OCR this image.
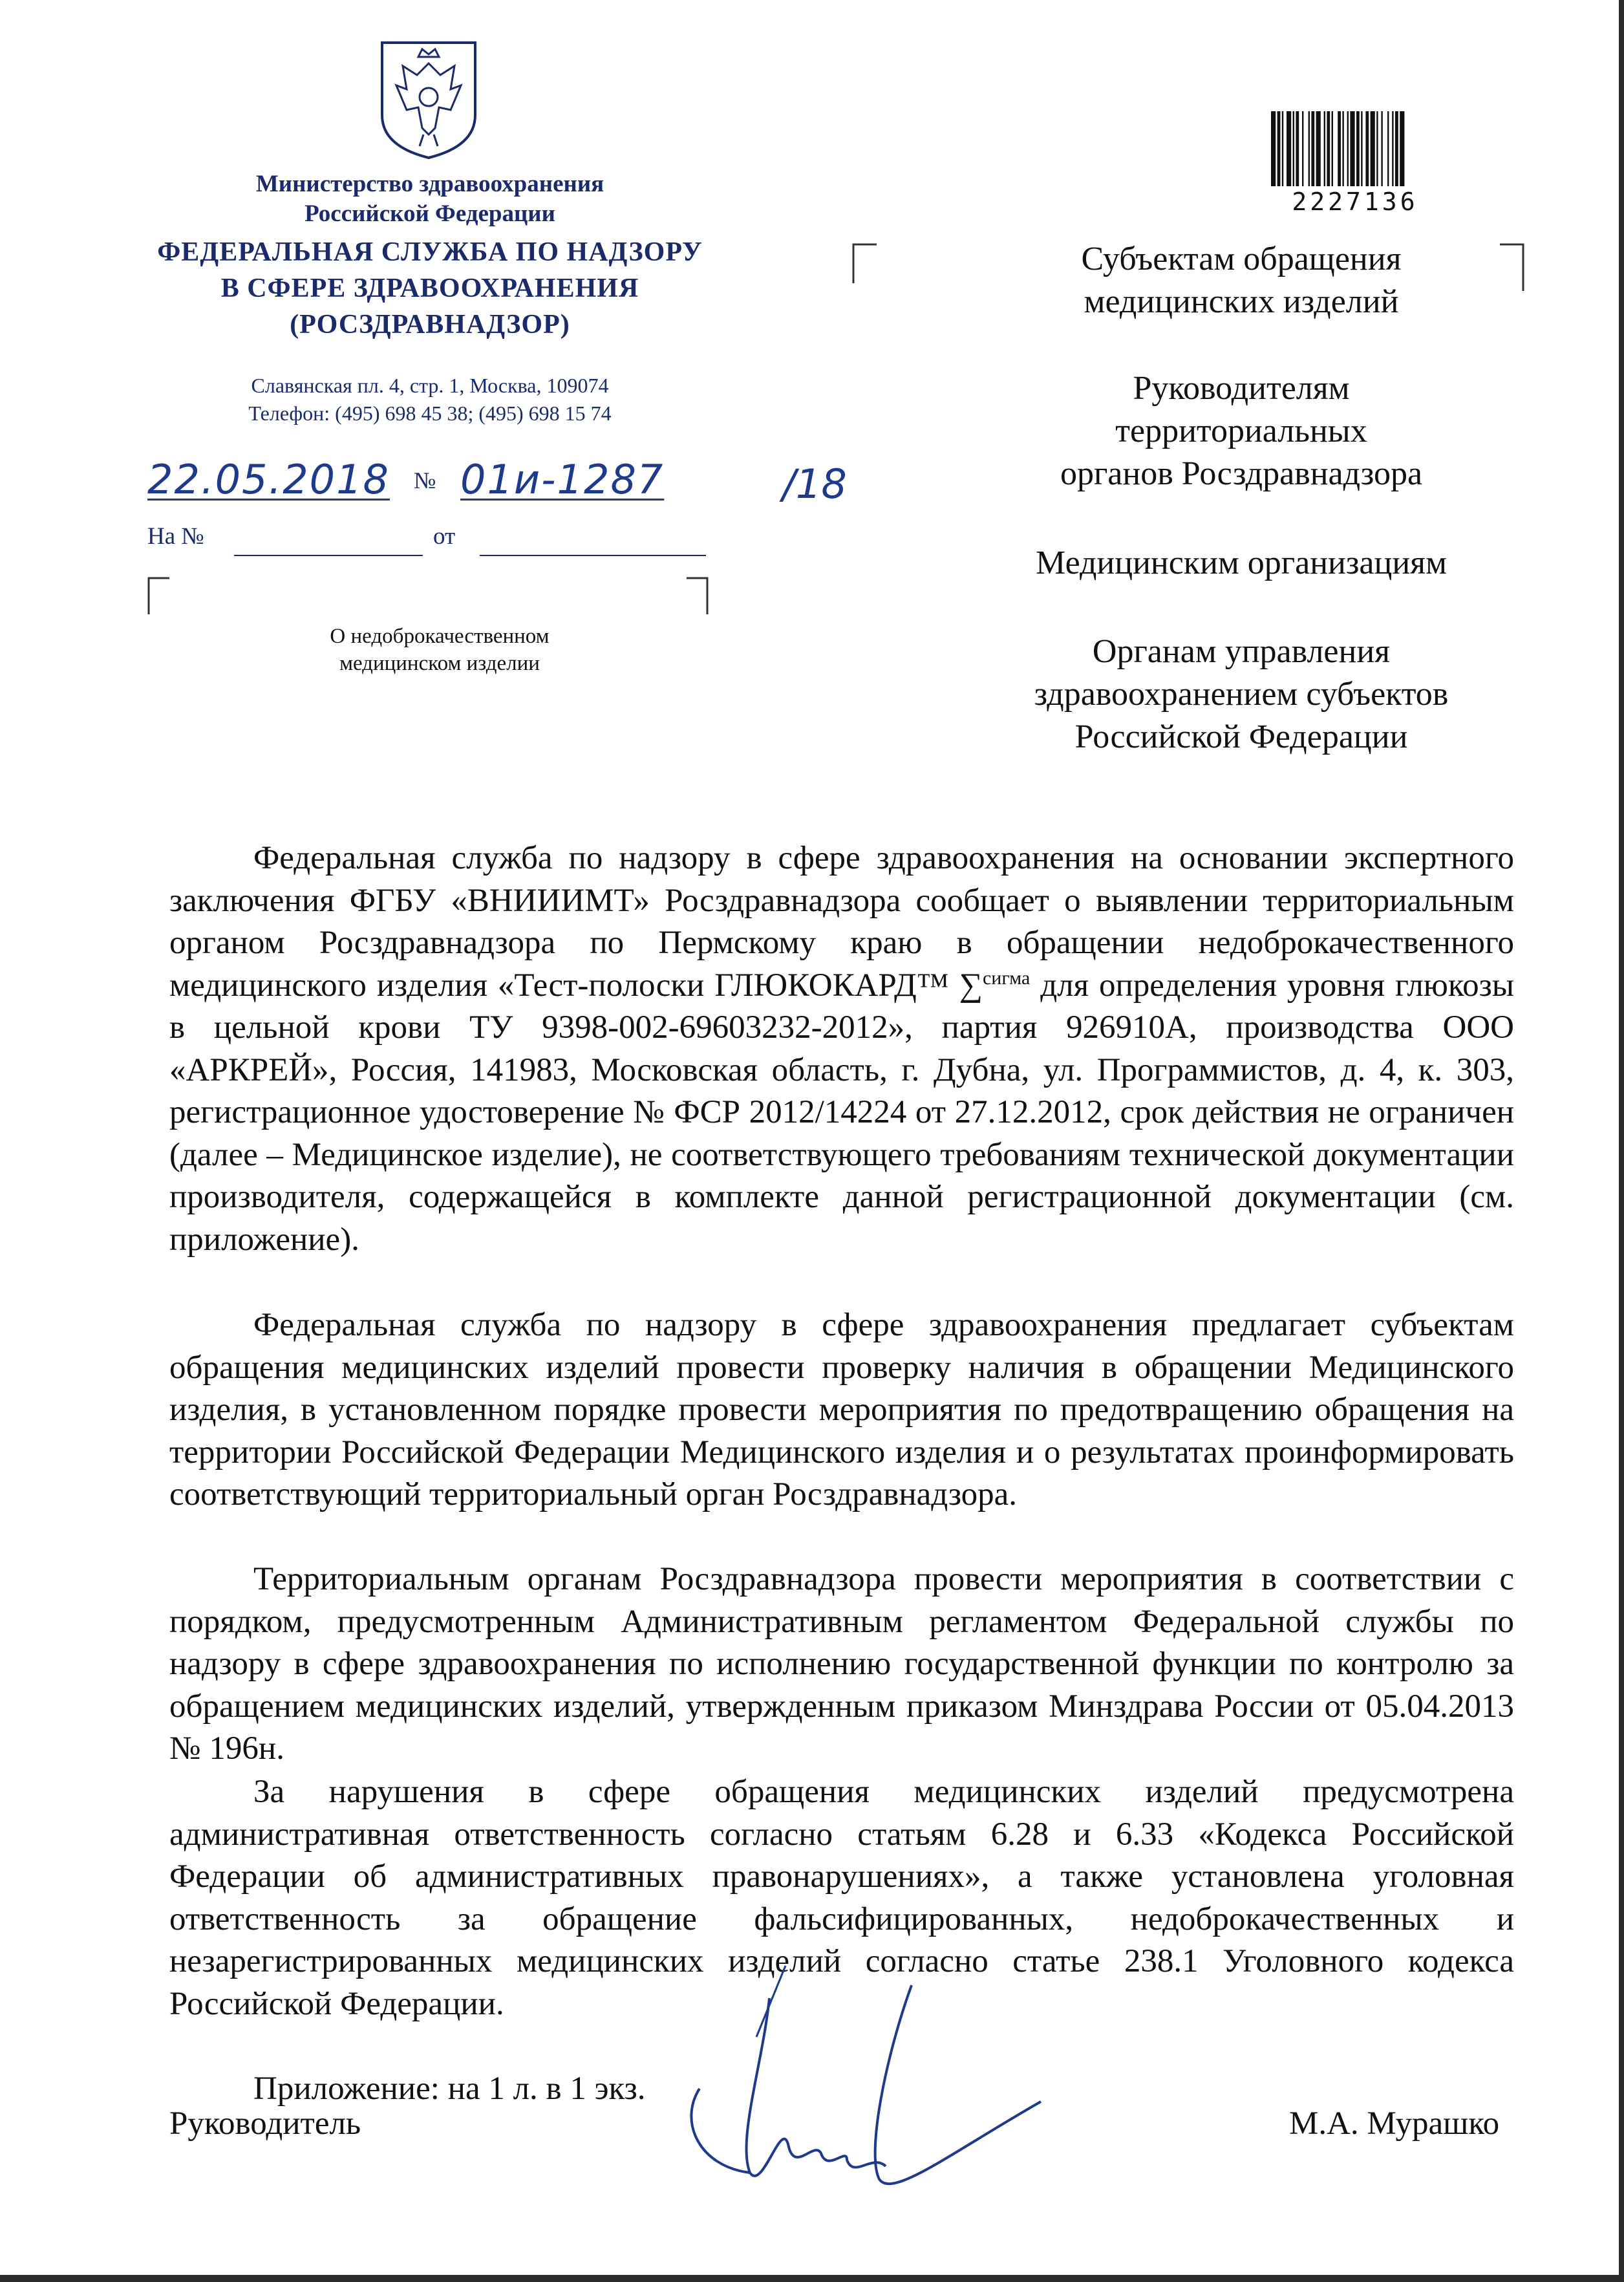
Министерство здравоохранения
Российской Федерации
ФЕДЕРАЛЬНАЯ СЛУЖБА ПО НАДЗОРУ
В СФЕРЕ ЗДРАВООХРАНЕНИЯ
(РОСЗДРАВНАДЗОР)
Славянская пл. 4, стр. 1, Москва, 109074
Телефон: (495) 698 45 38; (495) 698 15 74
22.05.2018 № 01и-1287	/18
На №	от
О недоброкачественном
медицинском изделии
2227136
Субъектам обращения
медицинских изделий
Руководителям
территориальных
органов Росздравнадзора
Медицинским организациям
Органам управления
здравоохранением субъектов
Российской Федерации
Федеральная служба по надзору в сфере здравоохранения на основании экспертного заключения ФГБУ «ВНИИИМТ» Росздравнадзора сообщает о выявлении территориальным органом Росздравнадзора по Пермскому краю в обращении недоброкачественного медицинского изделия «Тест-полоски ГЛЮКОКАРД™ ∑$^{сигма}$ для определения уровня глюкозы в цельной крови ТУ 9398-002-69603232-2012», партия 926910А, производства ООО «АРКРЕЙ», Россия, 141983, Московская область, г. Дубна, ул. Программистов, д. 4, к. 303, регистрационное удостоверение № ФСР 2012/14224 от 27.12.2012, срок действия не ограничен (далее – Медицинское изделие), не соответствующего требованиям технической документации производителя, содержащейся в комплекте данной регистрационной документации (см. приложение).
Федеральная служба по надзору в сфере здравоохранения предлагает субъектам обращения медицинских изделий провести проверку наличия в обращении Медицинского изделия, в установленном порядке провести мероприятия по предотвращению обращения на территории Российской Федерации Медицинского изделия и о результатах проинформировать соответствующий территориальный орган Росздравнадзора.
Территориальным органам Росздравнадзора провести мероприятия в соответствии с порядком, предусмотренным Административным регламентом Федеральной службы по надзору в сфере здравоохранения по исполнению государственной функции по контролю за обращением медицинских изделий, утвержденным приказом Минздрава России от 05.04.2013 № 196н.
За нарушения в сфере обращения медицинских изделий предусмотрена административная ответственность согласно статьям 6.28 и 6.33 «Кодекса Российской Федерации об административных правонарушениях», а также установлена уголовная ответственность за обращение фальсифицированных, недоброкачественных и незарегистрированных медицинских изделий согласно статье 238.1 Уголовного кодекса Российской Федерации.
Приложение: на 1 л. в 1 экз.
Руководитель	М.А. Мурашко
